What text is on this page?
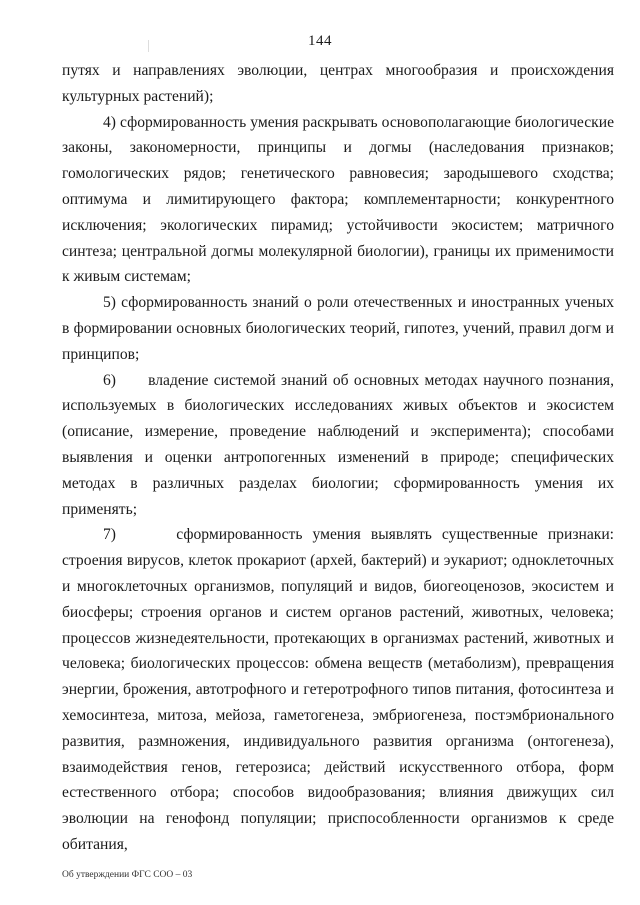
144

путях и направлениях эволюции, центрах многообразия и происхождения культурных растений);

4) сформированность умения раскрывать основополагающие биологические законы, закономерности, принципы и догмы (наследования признаков; гомологических рядов; генетического равновесия; зародышевого сходства; оптимума и лимитирующего фактора; комплементарности; конкурентного исключения; экологических пирамид; устойчивости экосистем; матричного синтеза; центральной догмы молекулярной биологии), границы их применимости к живым системам;

5) сформированность знаний о роли отечественных и иностранных ученых в формировании основных биологических теорий, гипотез, учений, правил догм и принципов;

6)      владение системой знаний об основных методах научного познания, используемых в биологических исследованиях живых объектов и экосистем (описание, измерение, проведение наблюдений и эксперимента); способами выявления и оценки антропогенных изменений в природе; специфических методах в различных разделах биологии; сформированность умения их применять;

7)      сформированность умения выявлять существенные признаки: строения вирусов, клеток прокариот (архей, бактерий) и эукариот; одноклеточных и многоклеточных организмов, популяций и видов, биогеоценозов, экосистем и биосферы; строения органов и систем органов растений, животных, человека; процессов жизнедеятельности, протекающих в организмах растений, животных и человека; биологических процессов: обмена веществ (метаболизм), превращения энергии, брожения, автотрофного и гетеротрофного типов питания, фотосинтеза и хемосинтеза, митоза, мейоза, гаметогенеза, эмбриогенеза, постэмбрионального развития, размножения, индивидуального развития организма (онтогенеза), взаимодействия генов, гетерозиса; действий искусственного отбора, форм естественного отбора; способов видообразования; влияния движущих сил эволюции на генофонд популяции; приспособленности организмов к среде обитания,

Об утверждении ФГС СОО – 03
